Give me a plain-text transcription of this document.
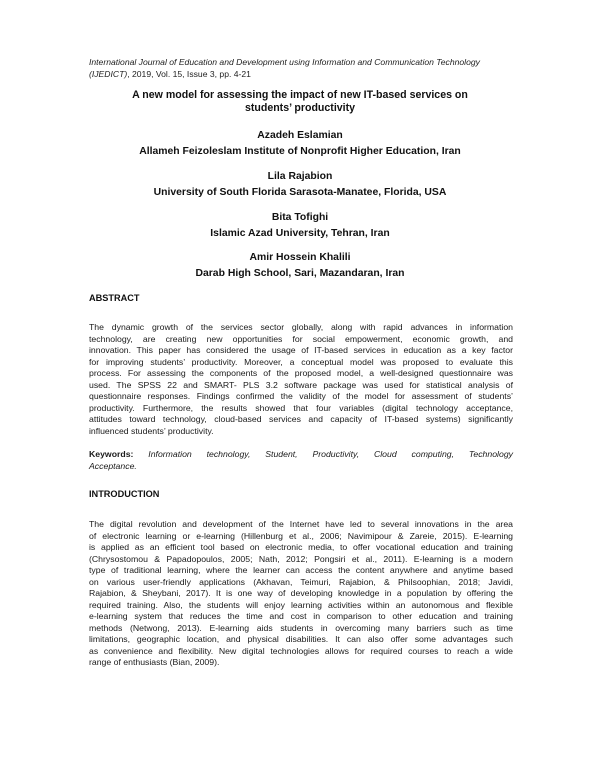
International Journal of Education and Development using Information and Communication Technology
(IJEDICT), 2019, Vol. 15, Issue 3, pp. 4-21
A new model for assessing the impact of new IT-based services on
students’ productivity
Azadeh Eslamian
Allameh Feizoleslam Institute of Nonprofit Higher Education, Iran
Lila Rajabion
University of South Florida Sarasota-Manatee, Florida, USA
Bita Tofighi
Islamic Azad University, Tehran, Iran
Amir Hossein Khalili
Darab High School, Sari, Mazandaran, Iran
ABSTRACT
The dynamic growth of the services sector globally, along with rapid advances in information
technology, are creating new opportunities for social empowerment, economic growth, and
innovation. This paper has considered the usage of IT-based services in education as a key factor
for improving students’ productivity. Moreover, a conceptual model was proposed to evaluate this
process. For assessing the components of the proposed model, a well-designed questionnaire was
used. The SPSS 22 and SMART- PLS 3.2 software package was used for statistical analysis of
questionnaire responses. Findings confirmed the validity of the model for assessment of students’
productivity. Furthermore, the results showed that four variables (digital technology acceptance,
attitudes toward technology, cloud-based services and capacity of IT-based systems) significantly
influenced students’ productivity.
Keywords: Information technology, Student, Productivity, Cloud computing, Technology
Acceptance.
INTRODUCTION
The digital revolution and development of the Internet have led to several innovations in the area
of electronic learning or e-learning (Hillenburg et al., 2006; Navimipour & Zareie, 2015). E-learning
is applied as an efficient tool based on electronic media, to offer vocational education and training
(Chrysostomou & Papadopoulos, 2005; Nath, 2012; Pongsiri et al., 2011). E-learning is a modern
type of traditional learning, where the learner can access the content anywhere and anytime based
on various user-friendly applications (Akhavan, Teimuri, Rajabion, & Philsoophian, 2018; Javidi,
Rajabion, & Sheybani, 2017). It is one way of developing knowledge in a population by offering the
required training. Also, the students will enjoy learning activities within an autonomous and flexible
e-learning system that reduces the time and cost in comparison to other education and training
methods (Netwong, 2013). E-learning aids students in overcoming many barriers such as time
limitations, geographic location, and physical disabilities. It can also offer some advantages such
as convenience and flexibility. New digital technologies allows for required courses to reach a wide
range of enthusiasts (Bian, 2009).
